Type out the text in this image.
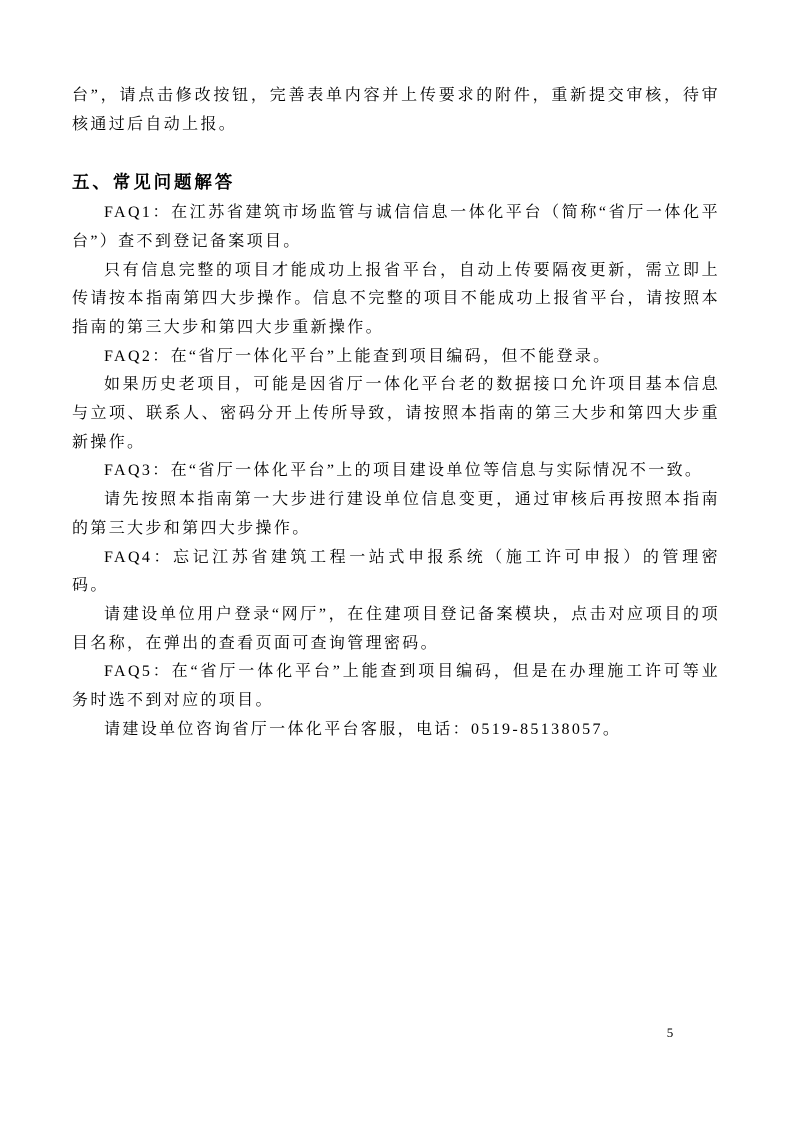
台”，请点击修改按钮，完善表单内容并上传要求的附件，重新提交审核，待审核通过后自动上报。

五、常见问题解答

FAQ1：在江苏省建筑市场监管与诚信信息一体化平台（简称“省厅一体化平台”）查不到登记备案项目。

只有信息完整的项目才能成功上报省平台，自动上传要隔夜更新，需立即上传请按本指南第四大步操作。信息不完整的项目不能成功上报省平台，请按照本指南的第三大步和第四大步重新操作。

FAQ2：在“省厅一体化平台”上能查到项目编码，但不能登录。

如果历史老项目，可能是因省厅一体化平台老的数据接口允许项目基本信息与立项、联系人、密码分开上传所导致，请按照本指南的第三大步和第四大步重新操作。

FAQ3：在“省厅一体化平台”上的项目建设单位等信息与实际情况不一致。

请先按照本指南第一大步进行建设单位信息变更，通过审核后再按照本指南的第三大步和第四大步操作。

FAQ4：忘记江苏省建筑工程一站式申报系统（施工许可申报）的管理密码。

请建设单位用户登录“网厅”，在住建项目登记备案模块，点击对应项目的项目名称，在弹出的查看页面可查询管理密码。

FAQ5：在“省厅一体化平台”上能查到项目编码，但是在办理施工许可等业务时选不到对应的项目。

请建设单位咨询省厅一体化平台客服，电话：0519-85138057。

5
